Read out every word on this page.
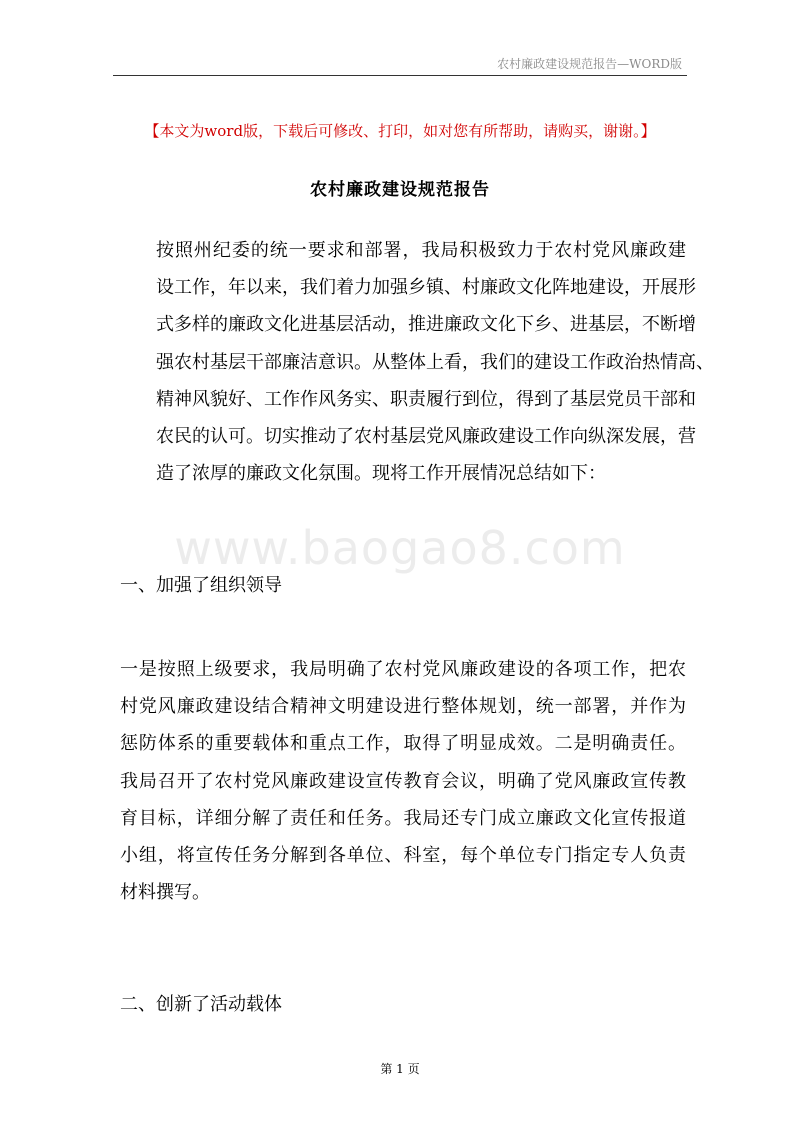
农村廉政建设规范报告—WORD版
【本文为word版，下载后可修改、打印，如对您有所帮助，请购买，谢谢。】
农村廉政建设规范报告
www.baogao8.com
按照州纪委的统一要求和部署，我局积极致力于农村党风廉政建
设工作，年以来，我们着力加强乡镇、村廉政文化阵地建设，开展形
式多样的廉政文化进基层活动，推进廉政文化下乡、进基层，不断增
强农村基层干部廉洁意识。从整体上看，我们的建设工作政治热情高、
精神风貌好、工作作风务实、职责履行到位，得到了基层党员干部和
农民的认可。切实推动了农村基层党风廉政建设工作向纵深发展，营
造了浓厚的廉政文化氛围。现将工作开展情况总结如下：
一、加强了组织领导
一是按照上级要求，我局明确了农村党风廉政建设的各项工作，把农
村党风廉政建设结合精神文明建设进行整体规划，统一部署，并作为
惩防体系的重要载体和重点工作，取得了明显成效。二是明确责任。
我局召开了农村党风廉政建设宣传教育会议，明确了党风廉政宣传教
育目标，详细分解了责任和任务。我局还专门成立廉政文化宣传报道
小组，将宣传任务分解到各单位、科室，每个单位专门指定专人负责
材料撰写。
二、创新了活动载体
第 1 页
